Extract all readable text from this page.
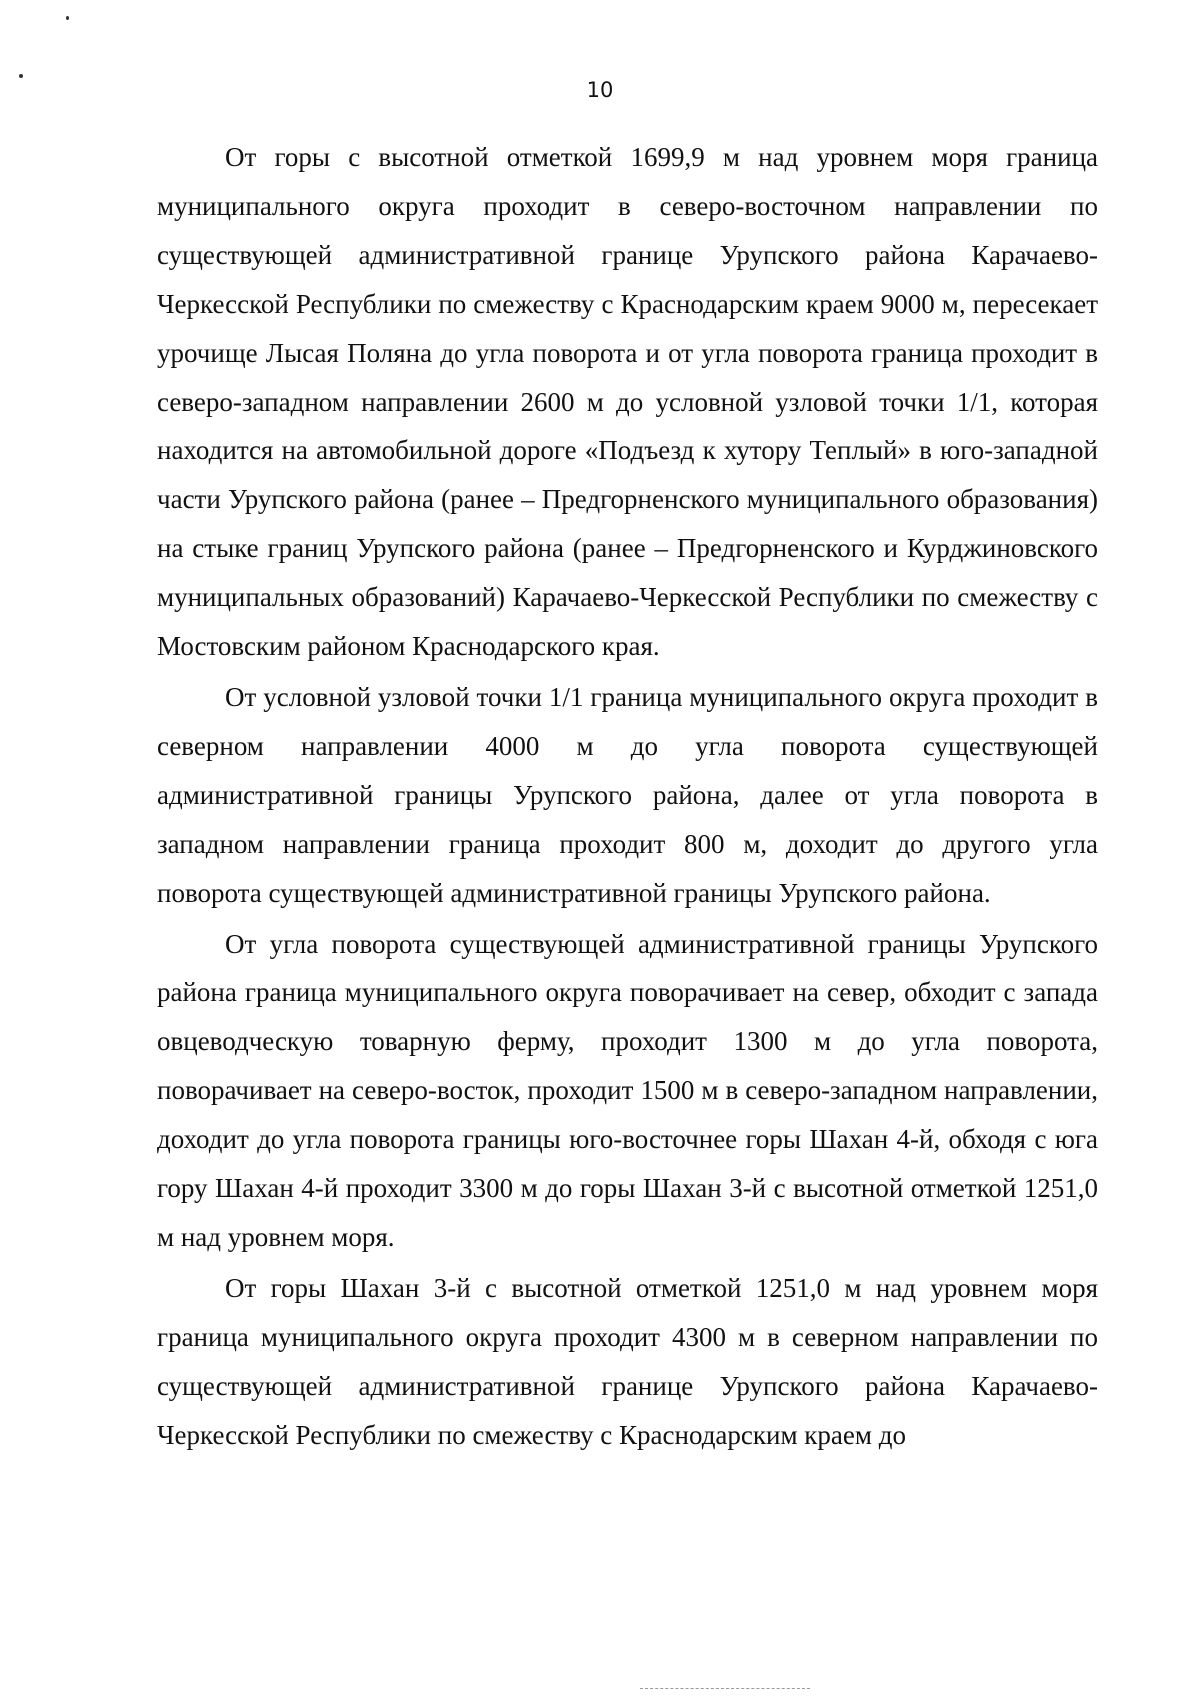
10

От горы с высотной отметкой 1699,9 м над уровнем моря граница муниципального округа проходит в северо-восточном направлении по существующей административной границе Урупского района Карачаево-Черкесской Республики по смежеству с Краснодарским краем 9000 м, пересекает урочище Лысая Поляна до угла поворота и от угла поворота граница проходит в северо-западном направлении 2600 м до условной узловой точки 1/1, которая находится на автомобильной дороге «Подъезд к хутору Теплый» в юго-западной части Урупского района (ранее – Предгорненского муниципального образования) на стыке границ Урупского района (ранее – Предгорненского и Курджиновского муниципальных образований) Карачаево-Черкесской Республики по смежеству с Мостовским районом Краснодарского края.

От условной узловой точки 1/1 граница муниципального округа проходит в северном направлении 4000 м до угла поворота существующей административной границы Урупского района, далее от угла поворота в западном направлении граница проходит 800 м, доходит до другого угла поворота существующей административной границы Урупского района.

От угла поворота существующей административной границы Урупского района граница муниципального округа поворачивает на север, обходит с запада овцеводческую товарную ферму, проходит 1300 м до угла поворота, поворачивает на северо-восток, проходит 1500 м в северо-западном направлении, доходит до угла поворота границы юго-восточнее горы Шахан 4-й, обходя с юга гору Шахан 4-й проходит 3300 м до горы Шахан 3-й с высотной отметкой 1251,0 м над уровнем моря.

От горы Шахан 3-й с высотной отметкой 1251,0 м над уровнем моря граница муниципального округа проходит 4300 м в северном направлении по существующей административной границе Урупского района Карачаево-Черкесской Республики по смежеству с Краснодарским краем до
